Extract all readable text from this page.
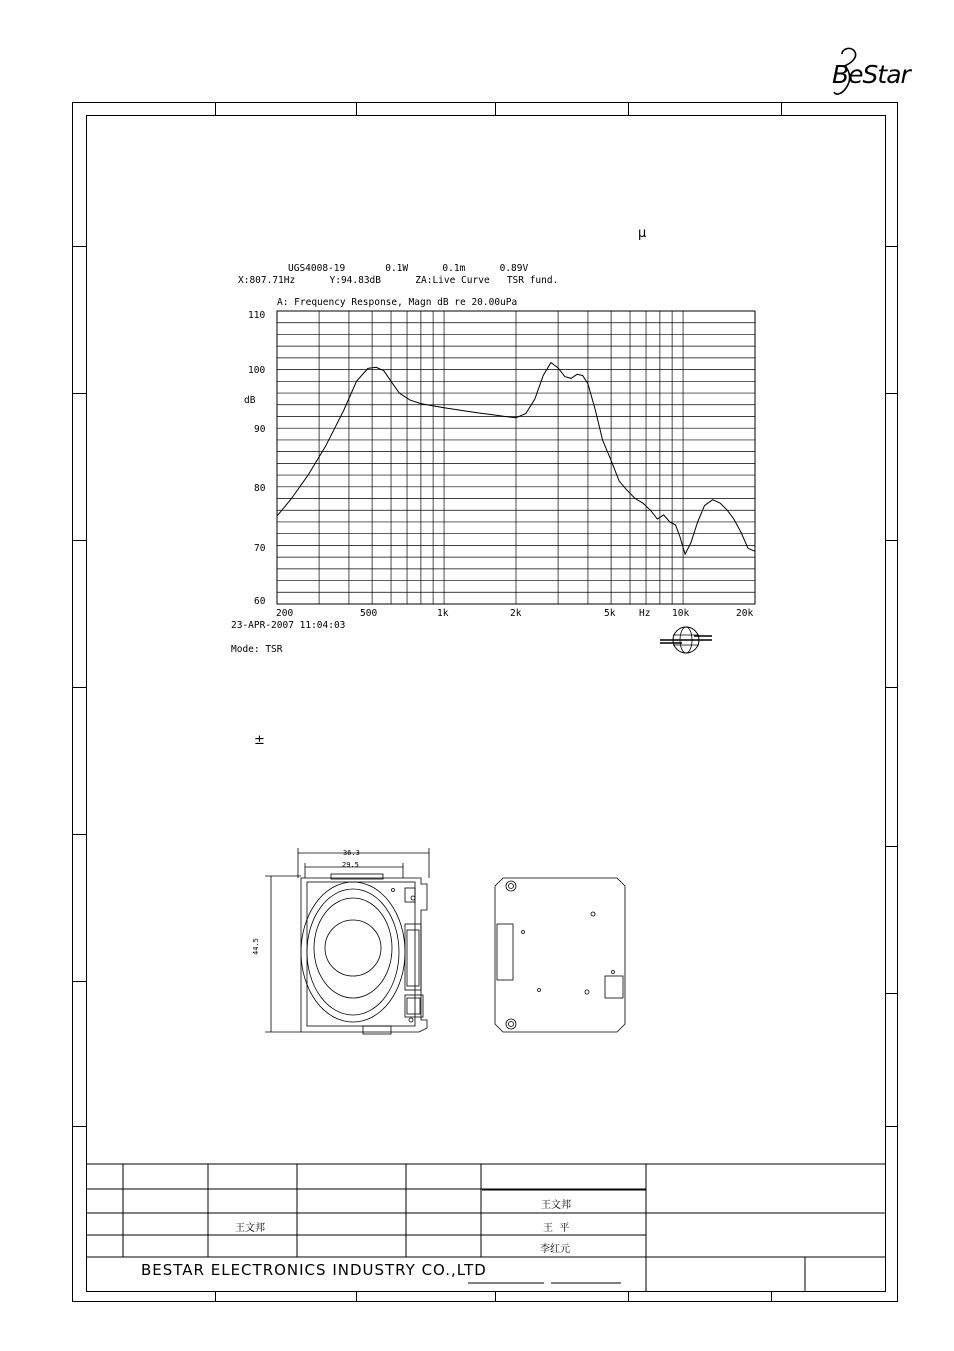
BeStar
μ
±
UGS4008-19       0.1W      0.1m      0.89V
X:807.71Hz      Y:94.83dB      ZA:Live Curve   TSR fund.
A: Frequency Response, Magn dB re 20.00uPa
dB
Hz
23-APR-2007 11:04:03
Mode: TSR
110
100
90
80
70
60
200	500	1k	2k	5k	10k	20k
36.3
29.5
44.5
王文邦
王文邦	王  平
李红元
BESTAR ELECTRONICS INDUSTRY CO.,LTD
